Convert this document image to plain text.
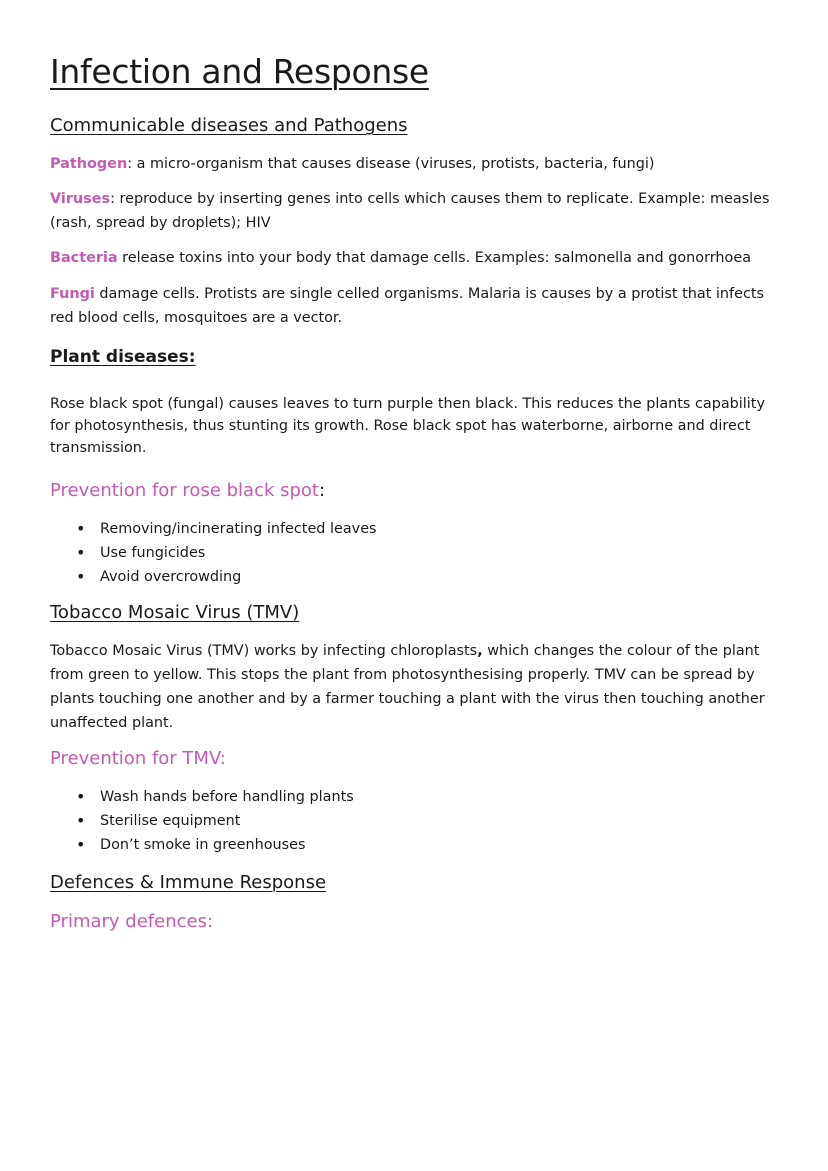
Infection and Response
Communicable diseases and Pathogens
Pathogen: a micro-organism that causes disease (viruses, protists, bacteria, fungi)
Viruses: reproduce by inserting genes into cells which causes them to replicate. Example: measles (rash, spread by droplets); HIV
Bacteria release toxins into your body that damage cells. Examples: salmonella and gonorrhoea
Fungi damage cells. Protists are single celled organisms. Malaria is causes by a protist that infects red blood cells, mosquitoes are a vector.
Plant diseases:
Rose black spot (fungal) causes leaves to turn purple then black. This reduces the plants capability for photosynthesis, thus stunting its growth. Rose black spot has waterborne, airborne and direct transmission.
Prevention for rose black spot:
• Removing/incinerating infected leaves
• Use fungicides
• Avoid overcrowding
Tobacco Mosaic Virus (TMV)
Tobacco Mosaic Virus (TMV) works by infecting chloroplasts, which changes the colour of the plant from green to yellow. This stops the plant from photosynthesising properly. TMV can be spread by plants touching one another and by a farmer touching a plant with the virus then touching another unaffected plant.
Prevention for TMV:
• Wash hands before handling plants
• Sterilise equipment
• Don’t smoke in greenhouses
Defences & Immune Response
Primary defences:
